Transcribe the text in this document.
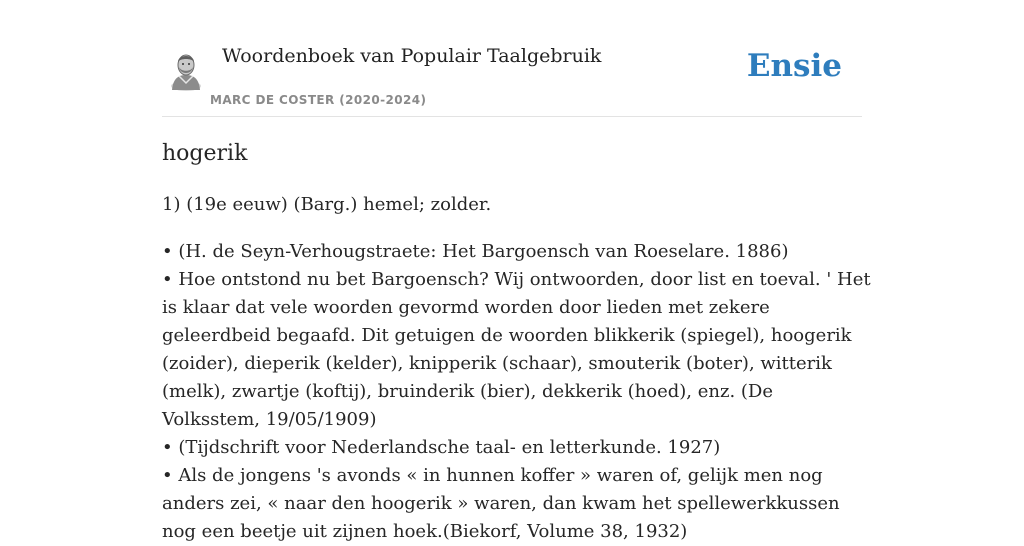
Woordenboek van Populair Taalgebruik
MARC DE COSTER (2020-2024)
Ensie
hogerik

1) (19e eeuw) (Barg.) hemel; zolder.

• (H. de Seyn-Verhougstraete: Het Bargoensch van Roeselare. 1886)
• Hoe ontstond nu bet Bargoensch? Wij ontwoorden, door list en toeval. ' Het is klaar dat vele woorden gevormd worden door lieden met zekere geleerdbeid begaafd. Dit getuigen de woorden blikkerik (spiegel), hoogerik (zoider), dieperik (kelder), knipperik (schaar), smouterik (boter), witterik (melk), zwartje (koftij), bruinderik (bier), dekkerik (hoed), enz. (De Volksstem, 19/05/1909)
• (Tijdschrift voor Nederlandsche taal- en letterkunde. 1927)
• Als de jongens 's avonds « in hunnen koffer » waren of, gelijk men nog anders zei, « naar den hoogerik » waren, dan kwam het spellewerkkussen nog een beetje uit zijnen hoek.(Biekorf, Volume 38, 1932)
